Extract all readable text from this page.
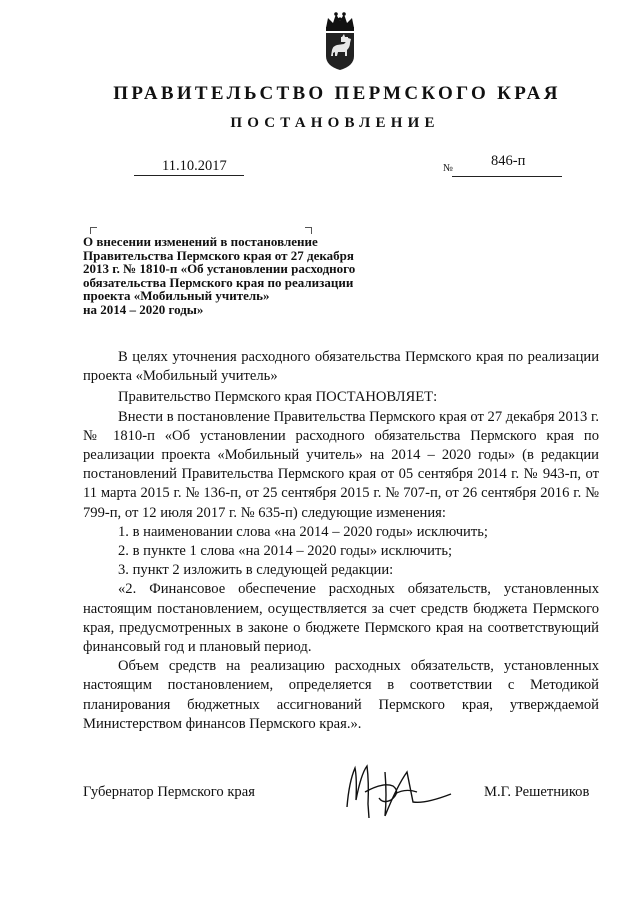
ПРАВИТЕЛЬСТВО ПЕРМСКОГО КРАЯ
ПОСТАНОВЛЕНИЕ
11.10.2017	№	846-п
О внесении изменений в постановление
Правительства Пермского края от 27 декабря
2013 г. № 1810-п «Об установлении расходного
обязательства Пермского края по реализации
проекта «Мобильный учитель»
на 2014 – 2020 годы»

В целях уточнения расходного обязательства Пермского края по реализации проекта «Мобильный учитель»

Правительство Пермского края ПОСТАНОВЛЯЕТ:

Внести в постановление Правительства Пермского края от 27 декабря 2013 г. № 1810-п «Об установлении расходного обязательства Пермского края по реализации проекта «Мобильный учитель» на 2014 – 2020 годы» (в редакции постановлений Правительства Пермского края от 05 сентября 2014 г. № 943-п, от 11 марта 2015 г. № 136-п, от 25 сентября 2015 г. № 707-п, от 26 сентября 2016 г. № 799-п, от 12 июля 2017 г. № 635-п) следующие изменения:

1. в наименовании слова «на 2014 – 2020 годы» исключить;

2. в пункте 1 слова «на 2014 – 2020 годы» исключить;

3. пункт 2 изложить в следующей редакции:

«2. Финансовое обеспечение расходных обязательств, установленных настоящим постановлением, осуществляется за счет средств бюджета Пермского края, предусмотренных в законе о бюджете Пермского края на соответствующий финансовый год и плановый период.

Объем средств на реализацию расходных обязательств, установленных настоящим постановлением, определяется в соответствии с Методикой планирования бюджетных ассигнований Пермского края, утверждаемой Министерством финансов Пермского края.».

Губернатор Пермского края	М.Г. Решетников
